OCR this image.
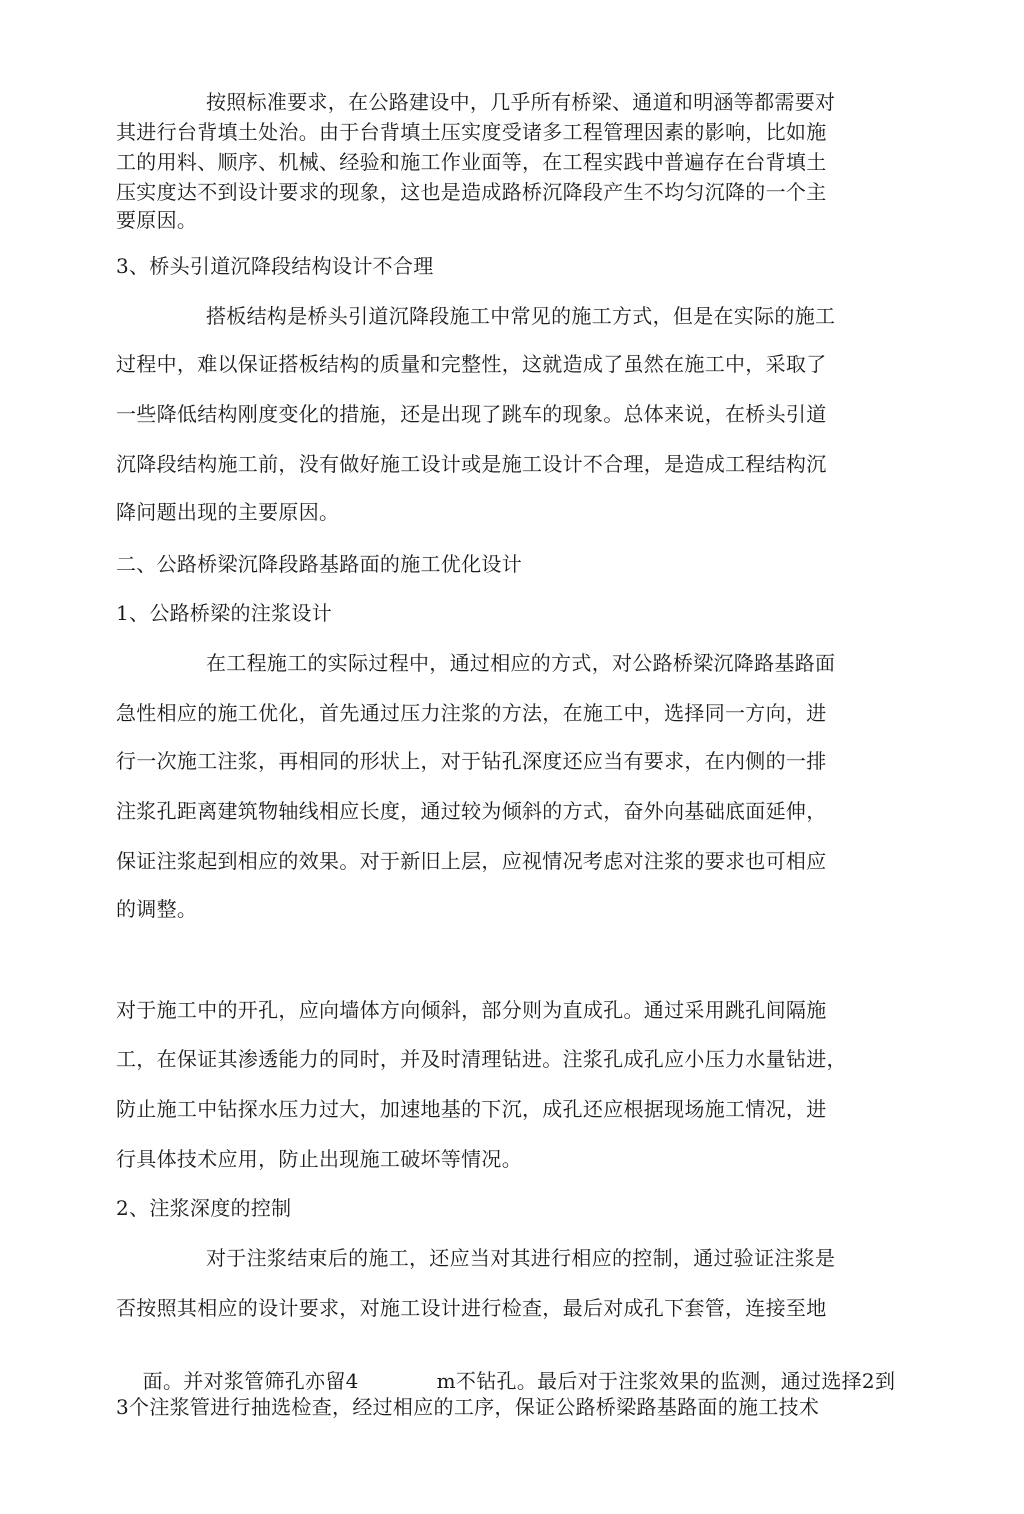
按照标准要求，在公路建设中，几乎所有桥梁、通道和明涵等都需要对
其进行台背填土处治。由于台背填土压实度受诸多工程管理因素的影响，比如施
工的用料、顺序、机械、经验和施工作业面等，在工程实践中普遍存在台背填土
压实度达不到设计要求的现象，这也是造成路桥沉降段产生不均匀沉降的一个主
要原因。
3、桥头引道沉降段结构设计不合理
搭板结构是桥头引道沉降段施工中常见的施工方式，但是在实际的施工
过程中，难以保证搭板结构的质量和完整性，这就造成了虽然在施工中，采取了
一些降低结构刚度变化的措施，还是出现了跳车的现象。总体来说，在桥头引道
沉降段结构施工前，没有做好施工设计或是施工设计不合理，是造成工程结构沉
降问题出现的主要原因。
二、公路桥梁沉降段路基路面的施工优化设计
1、公路桥梁的注浆设计
在工程施工的实际过程中，通过相应的方式，对公路桥梁沉降路基路面
急性相应的施工优化，首先通过压力注浆的方法，在施工中，选择同一方向，进
行一次施工注浆，再相同的形状上，对于钻孔深度还应当有要求，在内侧的一排
注浆孔距离建筑物轴线相应长度，通过较为倾斜的方式，奋外向基础底面延伸，
保证注浆起到相应的效果。对于新旧上层，应视情况考虑对注浆的要求也可相应
的调整。
对于施工中的开孔，应向墙体方向倾斜，部分则为直成孔。通过采用跳孔间隔施
工，在保证其渗透能力的同时，并及时清理钻进。注浆孔成孔应小压力水量钻进，
防止施工中钻探水压力过大，加速地基的下沉，成孔还应根据现场施工情况，进
行具体技术应用，防止出现施工破坏等情况。
2、注浆深度的控制
对于注浆结束后的施工，还应当对其进行相应的控制，通过验证注浆是
否按照其相应的设计要求，对施工设计进行检查，最后对成孔下套管，连接至地

面。并对浆管筛孔亦留4	m不钻孔。最后对于注浆效果的监测，通过选择2到

3个注浆管进行抽选检查，经过相应的工序，保证公路桥梁路基路面的施工技术
